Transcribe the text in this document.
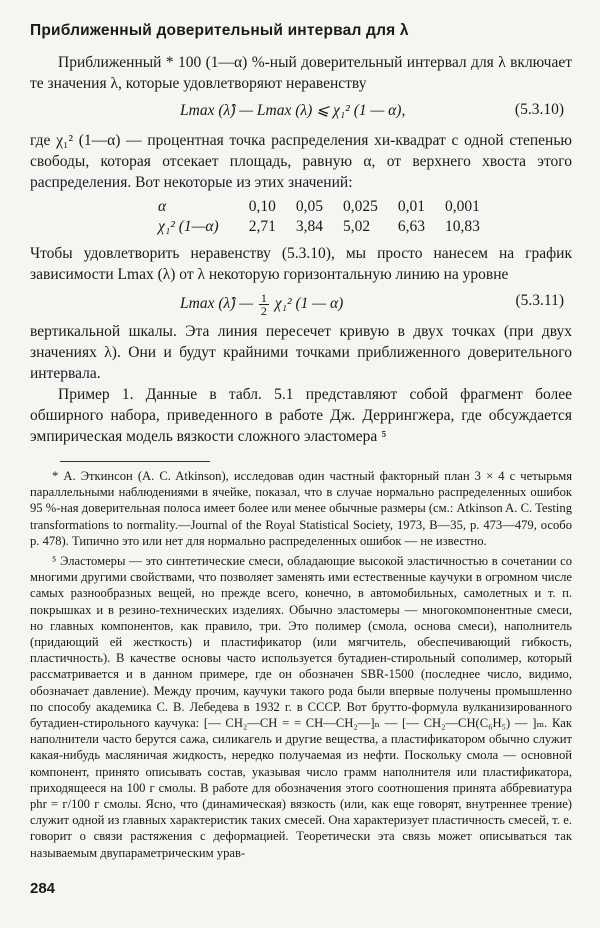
Приближенный доверительный интервал для λ

Приближенный * 100 (1—α) %-ный доверительный интервал для λ включает те значения λ, которые удовлетворяют неравенству

Lmax (λ̂) — Lmax (λ) ⩽ χ₁² (1 — α),	(5.3.10)

где χ₁² (1—α) — процентная точка распределения хи-квадрат с одной степенью свободы, которая отсекает площадь, равную α, от верхнего хвоста этого распределения. Вот некоторые из этих значений:

α	0,10	0,05	0,025	0,01	0,001
χ₁² (1—α)	2,71	3,84	5,02	6,63	10,83

Чтобы удовлетворить неравенству (5.3.10), мы просто нанесем на график зависимости Lmax (λ) от λ некоторую горизонтальную линию на уровне

Lmax (λ̂) — $\frac{1}{2} \chi_1^2$ (1 — α)	(5.3.11)

вертикальной шкалы. Эта линия пересечет кривую в двух точках (при двух значениях λ). Они и будут крайними точками приближенного доверительного интервала.

Пример 1. Данные в табл. 5.1 представляют собой фрагмент более обширного набора, приведенного в работе Дж. Деррингжера, где обсуждается эмпирическая модель вязкости сложного эластомера ⁵

* А. Эткинсон (A. C. Atkinson), исследовав один частный факторный план 3 × 4 с четырьмя параллельными наблюдениями в ячейке, показал, что в случае нормально распределенных ошибок 95 %-ная доверительная полоса имеет более или менее обычные размеры (см.: Atkinson A. C. Testing transformations to normality.—Journal of the Royal Statistical Society, 1973, B—35, p. 473—479, особо p. 478). Типично это или нет для нормально распределенных ошибок — не известно.

⁵ Эластомеры — это синтетические смеси, обладающие высокой эластичностью в сочетании со многими другими свойствами, что позволяет заменять ими естественные каучуки в огромном числе самых разнообразных вещей, но прежде всего, конечно, в автомобильных, самолетных и т. п. покрышках и в резино-технических изделиях. Обычно эластомеры — многокомпонентные смеси, но главных компонентов, как правило, три. Это полимер (смола, основа смеси), наполнитель (придающий ей жесткость) и пластификатор (или мягчитель, обеспечивающий гибкость, пластичность). В качестве основы часто используется бутадиен-стирольный сополимер, который рассматривается и в данном примере, где он обозначен SBR-1500 (последнее число, видимо, обозначает давление). Между прочим, каучуки такого рода были впервые получены промышленно по способу академика С. В. Лебедева в 1932 г. в СССР. Вот брутто-формула вулканизированного бутадиен-стирольного каучука: [— CH₂—CH = = CH—CH₂—]ₙ — [— CH₂—CH(C₆H₅) — ]ₘ. Как наполнители часто берутся сажа, силикагель и другие вещества, а пластификатором обычно служит какая-нибудь масляничая жидкость, нередко получаемая из нефти. Поскольку смола — основной компонент, принято описывать состав, указывая число грамм наполнителя или пластификатора, приходящееся на 100 г смолы. В работе для обозначения этого соотношения принята аббревиатура phr = г/100 г смолы. Ясно, что (динамическая) вязкость (или, как еще говорят, внутреннее трение) служит одной из главных характеристик таких смесей. Она характеризует пластичность смесей, т. е. говорит о связи растяжения с деформацией. Теоретически эта связь может описываться так называемым двупараметрическим урав-

284
